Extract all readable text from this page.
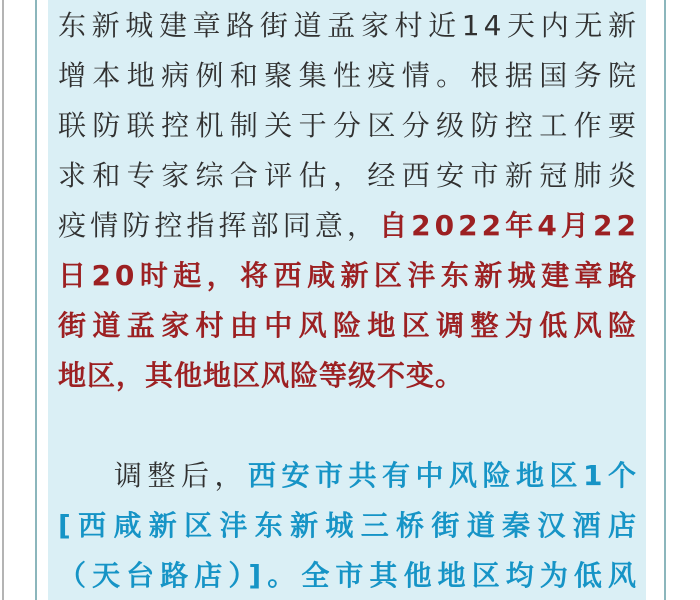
东新城建章路街道孟家村近14天内无新
增本地病例和聚集性疫情。根据国务院
联防联控机制关于分区分级防控工作要
求和专家综合评估，经西安市新冠肺炎
疫情防控指挥部同意，自2022年4月22
日20时起，将西咸新区沣东新城建章路
街道孟家村由中风险地区调整为低风险
地区，其他地区风险等级不变。
调整后，西安市共有中风险地区1个
[西咸新区沣东新城三桥街道秦汉酒店
（天台路店）]。全市其他地区均为低风
